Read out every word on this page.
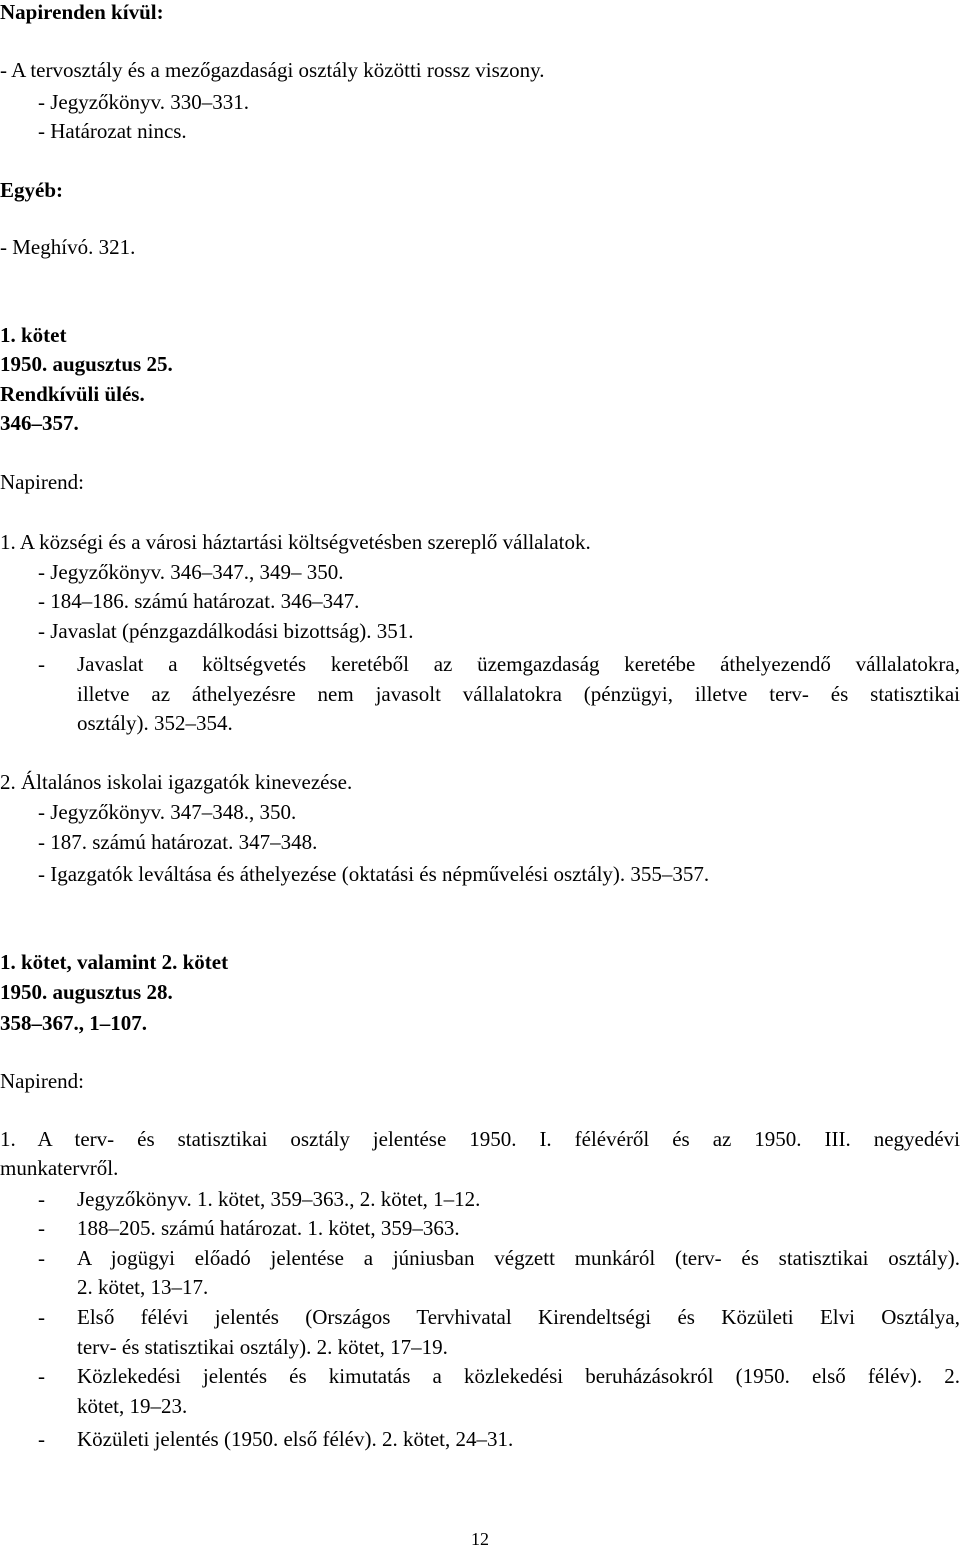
Napirenden kívül:
- A tervosztály és a mezőgazdasági osztály közötti rossz viszony.
- Jegyzőkönyv. 330–331.
- Határozat nincs.
Egyéb:
- Meghívó. 321.
1. kötet
1950. augusztus 25.
Rendkívüli ülés.
346–357.
Napirend:
1. A községi és a városi háztartási költségvetésben szereplő vállalatok.
- Jegyzőkönyv. 346–347., 349– 350.
- 184–186. számú határozat. 346–347.
- Javaslat (pénzgazdálkodási bizottság). 351.
- Javaslat a költségvetés keretéből az üzemgazdaság keretébe áthelyezendő vállalatokra,
illetve az áthelyezésre nem javasolt vállalatokra (pénzügyi, illetve terv- és statisztikai
osztály). 352–354.
2. Általános iskolai igazgatók kinevezése.
- Jegyzőkönyv. 347–348., 350.
- 187. számú határozat. 347–348.
- Igazgatók leváltása és áthelyezése (oktatási és népművelési osztály). 355–357.
1. kötet, valamint 2. kötet
1950. augusztus 28.
358–367., 1–107.
Napirend:
1. A terv- és statisztikai osztály jelentése 1950. I. félévéről és az 1950. III. negyedévi
munkatervről.
- Jegyzőkönyv. 1. kötet, 359–363., 2. kötet, 1–12.
- 188–205. számú határozat. 1. kötet, 359–363.
- A jogügyi előadó jelentése a júniusban végzett munkáról (terv- és statisztikai osztály).
2. kötet, 13–17.
- Első félévi jelentés (Országos Tervhivatal Kirendeltségi és Közületi Elvi Osztálya,
terv- és statisztikai osztály). 2. kötet, 17–19.
- Közlekedési jelentés és kimutatás a közlekedési beruházásokról (1950. első félév). 2.
kötet, 19–23.
- Közületi jelentés (1950. első félév). 2. kötet, 24–31.
12
